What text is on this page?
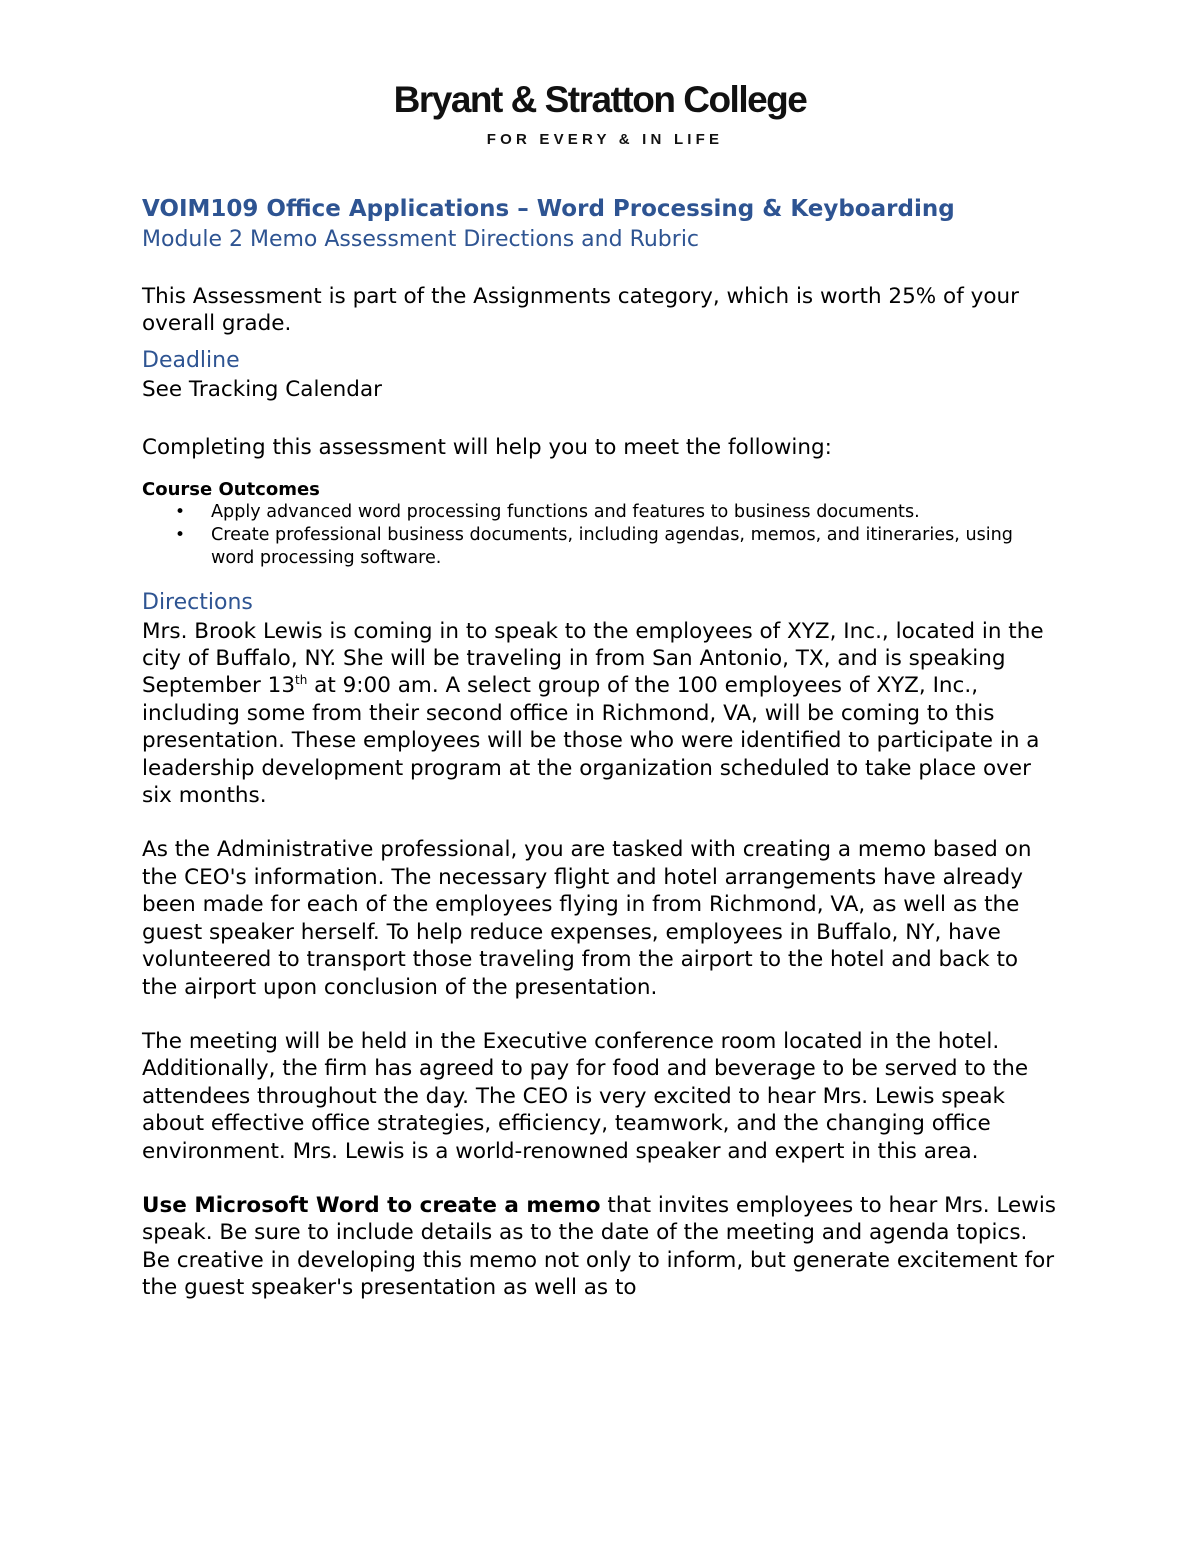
Bryant & Stratton College
FOR EVERY & IN LIFE
VOIM109 Office Applications – Word Processing & Keyboarding
Module 2 Memo Assessment Directions and Rubric

This Assessment is part of the Assignments category, which is worth 25% of your overall grade.

Deadline

See Tracking Calendar

Completing this assessment will help you to meet the following:

Course Outcomes
• Apply advanced word processing functions and features to business documents.
• Create professional business documents, including agendas, memos, and itineraries, using word processing software.
Directions

Mrs. Brook Lewis is coming in to speak to the employees of XYZ, Inc., located in the city of Buffalo, NY. She will be traveling in from San Antonio, TX, and is speaking September 13th at 9:00 am. A select group of the 100 employees of XYZ, Inc., including some from their second office in Richmond, VA, will be coming to this presentation. These employees will be those who were identified to participate in a leadership development program at the organization scheduled to take place over six months.

As the Administrative professional, you are tasked with creating a memo based on the CEO's information. The necessary flight and hotel arrangements have already been made for each of the employees flying in from Richmond, VA, as well as the guest speaker herself. To help reduce expenses, employees in Buffalo, NY, have volunteered to transport those traveling from the airport to the hotel and back to the airport upon conclusion of the presentation.

The meeting will be held in the Executive conference room located in the hotel. Additionally, the firm has agreed to pay for food and beverage to be served to the attendees throughout the day. The CEO is very excited to hear Mrs. Lewis speak about effective office strategies, efficiency, teamwork, and the changing office environment. Mrs. Lewis is a world-renowned speaker and expert in this area.

Use Microsoft Word to create a memo that invites employees to hear Mrs. Lewis speak. Be sure to include details as to the date of the meeting and agenda topics. Be creative in developing this memo not only to inform, but generate excitement for the guest speaker's presentation as well as to
